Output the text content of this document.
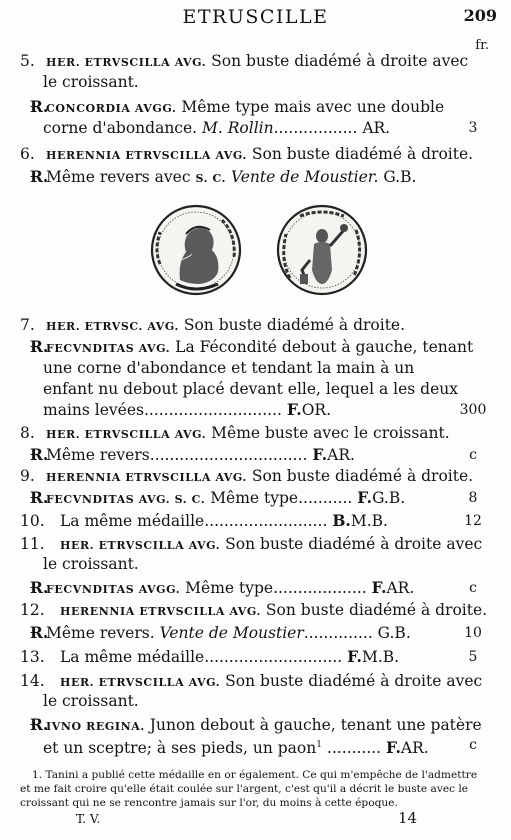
ETRUSCILLE	209
fr.
5. HER. ETRVSCILLA AVG. Son buste diadémé à droite avec
le croissant.
Ɍ.
CONCORDIA AVGG. Même type mais avec une double
corne d'abondance. M. Rollin................. AR.	3
6. HERENNIA ETRVSCILLA AVG. Son buste diadémé à droite.
Ɍ.
Même revers avec S. C. Vente de Moustier. G.B.
7. HER. ETRVSC. AVG. Son buste diadémé à droite.
Ɍ.
FECVNDITAS AVG. La Fécondité debout à gauche, tenant
une corne d'abondance et tendant la main à un
enfant nu debout placé devant elle, lequel a les deux
mains levées............................ F.OR.	300
8. HER. ETRVSCILLA AVG. Même buste avec le croissant.
Ɍ.
Même revers................................ F.AR.	c
9. HERENNIA ETRVSCILLA AVG. Son buste diadémé à droite.
Ɍ.
FECVNDITAS AVG. S. C. Même type........... F.G.B.	8
10. La même médaille......................... B.M.B.	12
11. HER. ETRVSCILLA AVG. Son buste diadémé à droite avec
le croissant.
Ɍ.
FECVNDITAS AVGG. Même type................... F.AR.	c
12. HERENNIA ETRVSCILLA AVG. Son buste diadémé à droite.
Ɍ.
Même revers. Vente de Moustier.............. G.B.	10
13. La même médaille............................ F.M.B.	5
14. HER. ETRVSCILLA AVG. Son buste diadémé à droite avec
le croissant.
Ɍ.
IVNO REGINA. Junon debout à gauche, tenant une patère
et un sceptre; à ses pieds, un paon$^1$ ........... F.AR.	c
1. Tanini a publié cette médaille en or également. Ce qui m'empêche de l'admettre
et me fait croire qu'elle était coulée sur l'argent, c'est qu'il a décrit le buste avec le
croissant qui ne se rencontre jamais sur l'or, du moins à cette époque.
T. V.	14
